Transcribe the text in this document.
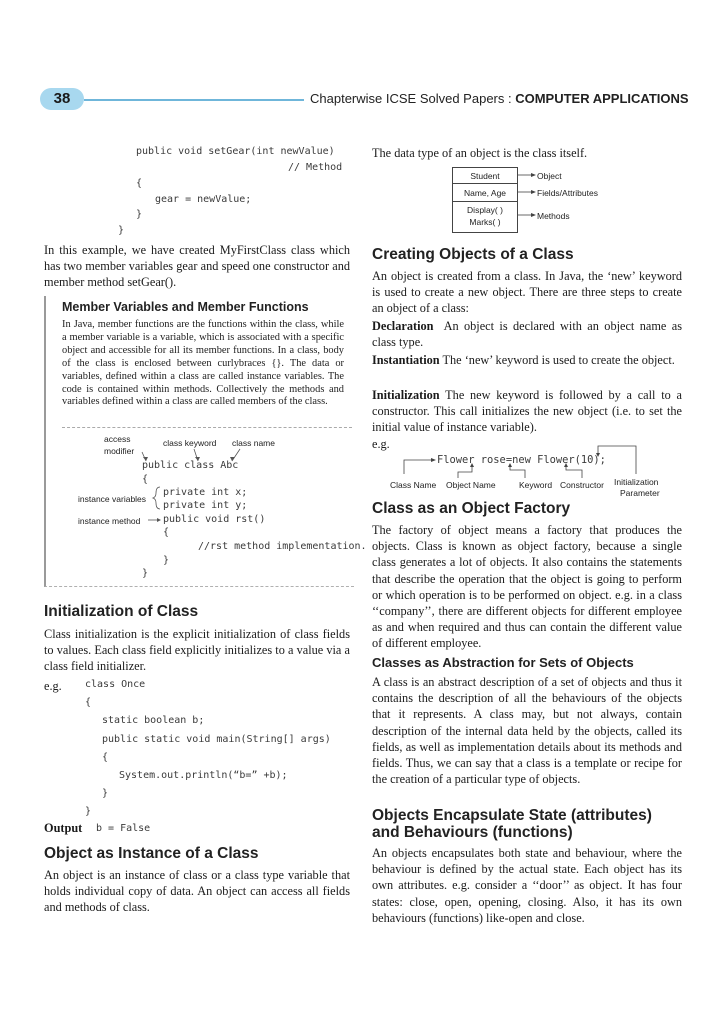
38	Chapterwise ICSE Solved Papers : COMPUTER APPLICATIONS
public void setGear(int newValue)
// Method
{
gear = newValue;
}
}
In this example, we have created MyFirstClass class which has two member variables gear and speed one constructor and member method setGear().
Member Variables and Member Functions
In Java, member functions are the functions within the class, while a member variable is a variable, which is associated with a specific object and accessible for all its member functions. In a class, body of the class is enclosed between curlybraces {}. The data or variables, defined within a class are called instance variables. The code is contained within methods. Collectively the methods and variables defined within a class are called members of the class.
access
modifier
class keyword class name
instance variables
instance method
public class Abc
{
private int x;
private int y;
public void rst()
{
//rst method implementation.
}
}
Initialization of Class
Class initialization is the explicit initialization of class fields to values. Each class field explicitly initializes to a value via a class field initializer.
e.g. class Once
{
static boolean b;
public static void main(String[] args)
{
System.out.println(“b=” +b);
}
}
Output b = False
Object as Instance of a Class
An object is an instance of class or a class type variable that holds individual copy of data. An object can access all fields and methods of class.
The data type of an object is the class itself.
Student
Name, Age
Display( )
Marks( )
Object
Fields/Attributes
Methods
Creating Objects of a Class
An object is created from a class. In Java, the ‘new’ keyword is used to create a new object. There are three steps to create an object of a class:
Declaration An object is declared with an object name as class type.
Instantiation The ‘new’ keyword is used to create the object.
Initialization The new keyword is followed by a call to a constructor. This call initializes the new object (i.e. to set the initial value of instance variable).
e.g.
Flower rose=new Flower(10);
Class Name Object Name	Keyword Constructor Initialization
Parameter
Class as an Object Factory
The factory of object means a factory that produces the objects. Class is known as object factory, because a single class generates a lot of objects. It also contains the statements that describe the operation that the object is going to perform or which operation is to be performed on object. e.g. in a class ‘‘company’’, there are different objects for different employee as and when required and thus can contain the different value of different employee.
Classes as Abstraction for Sets of Objects
A class is an abstract description of a set of objects and thus it contains the description of all the behaviours of the objects that it represents. A class may, but not always, contain description of the internal data held by the objects, called its fields, as well as implementation details about its methods and fields. Thus, we can say that a class is a template or recipe for the creation of a particular type of objects.
Objects Encapsulate State (attributes)
and Behaviours (functions)
An objects encapsulates both state and behaviour, where the behaviour is defined by the actual state. Each object has its own attributes. e.g. consider a ‘‘door’’ as object. It has four states: close, open, opening, closing. Also, it has its own behaviours (functions) like-open and close.
